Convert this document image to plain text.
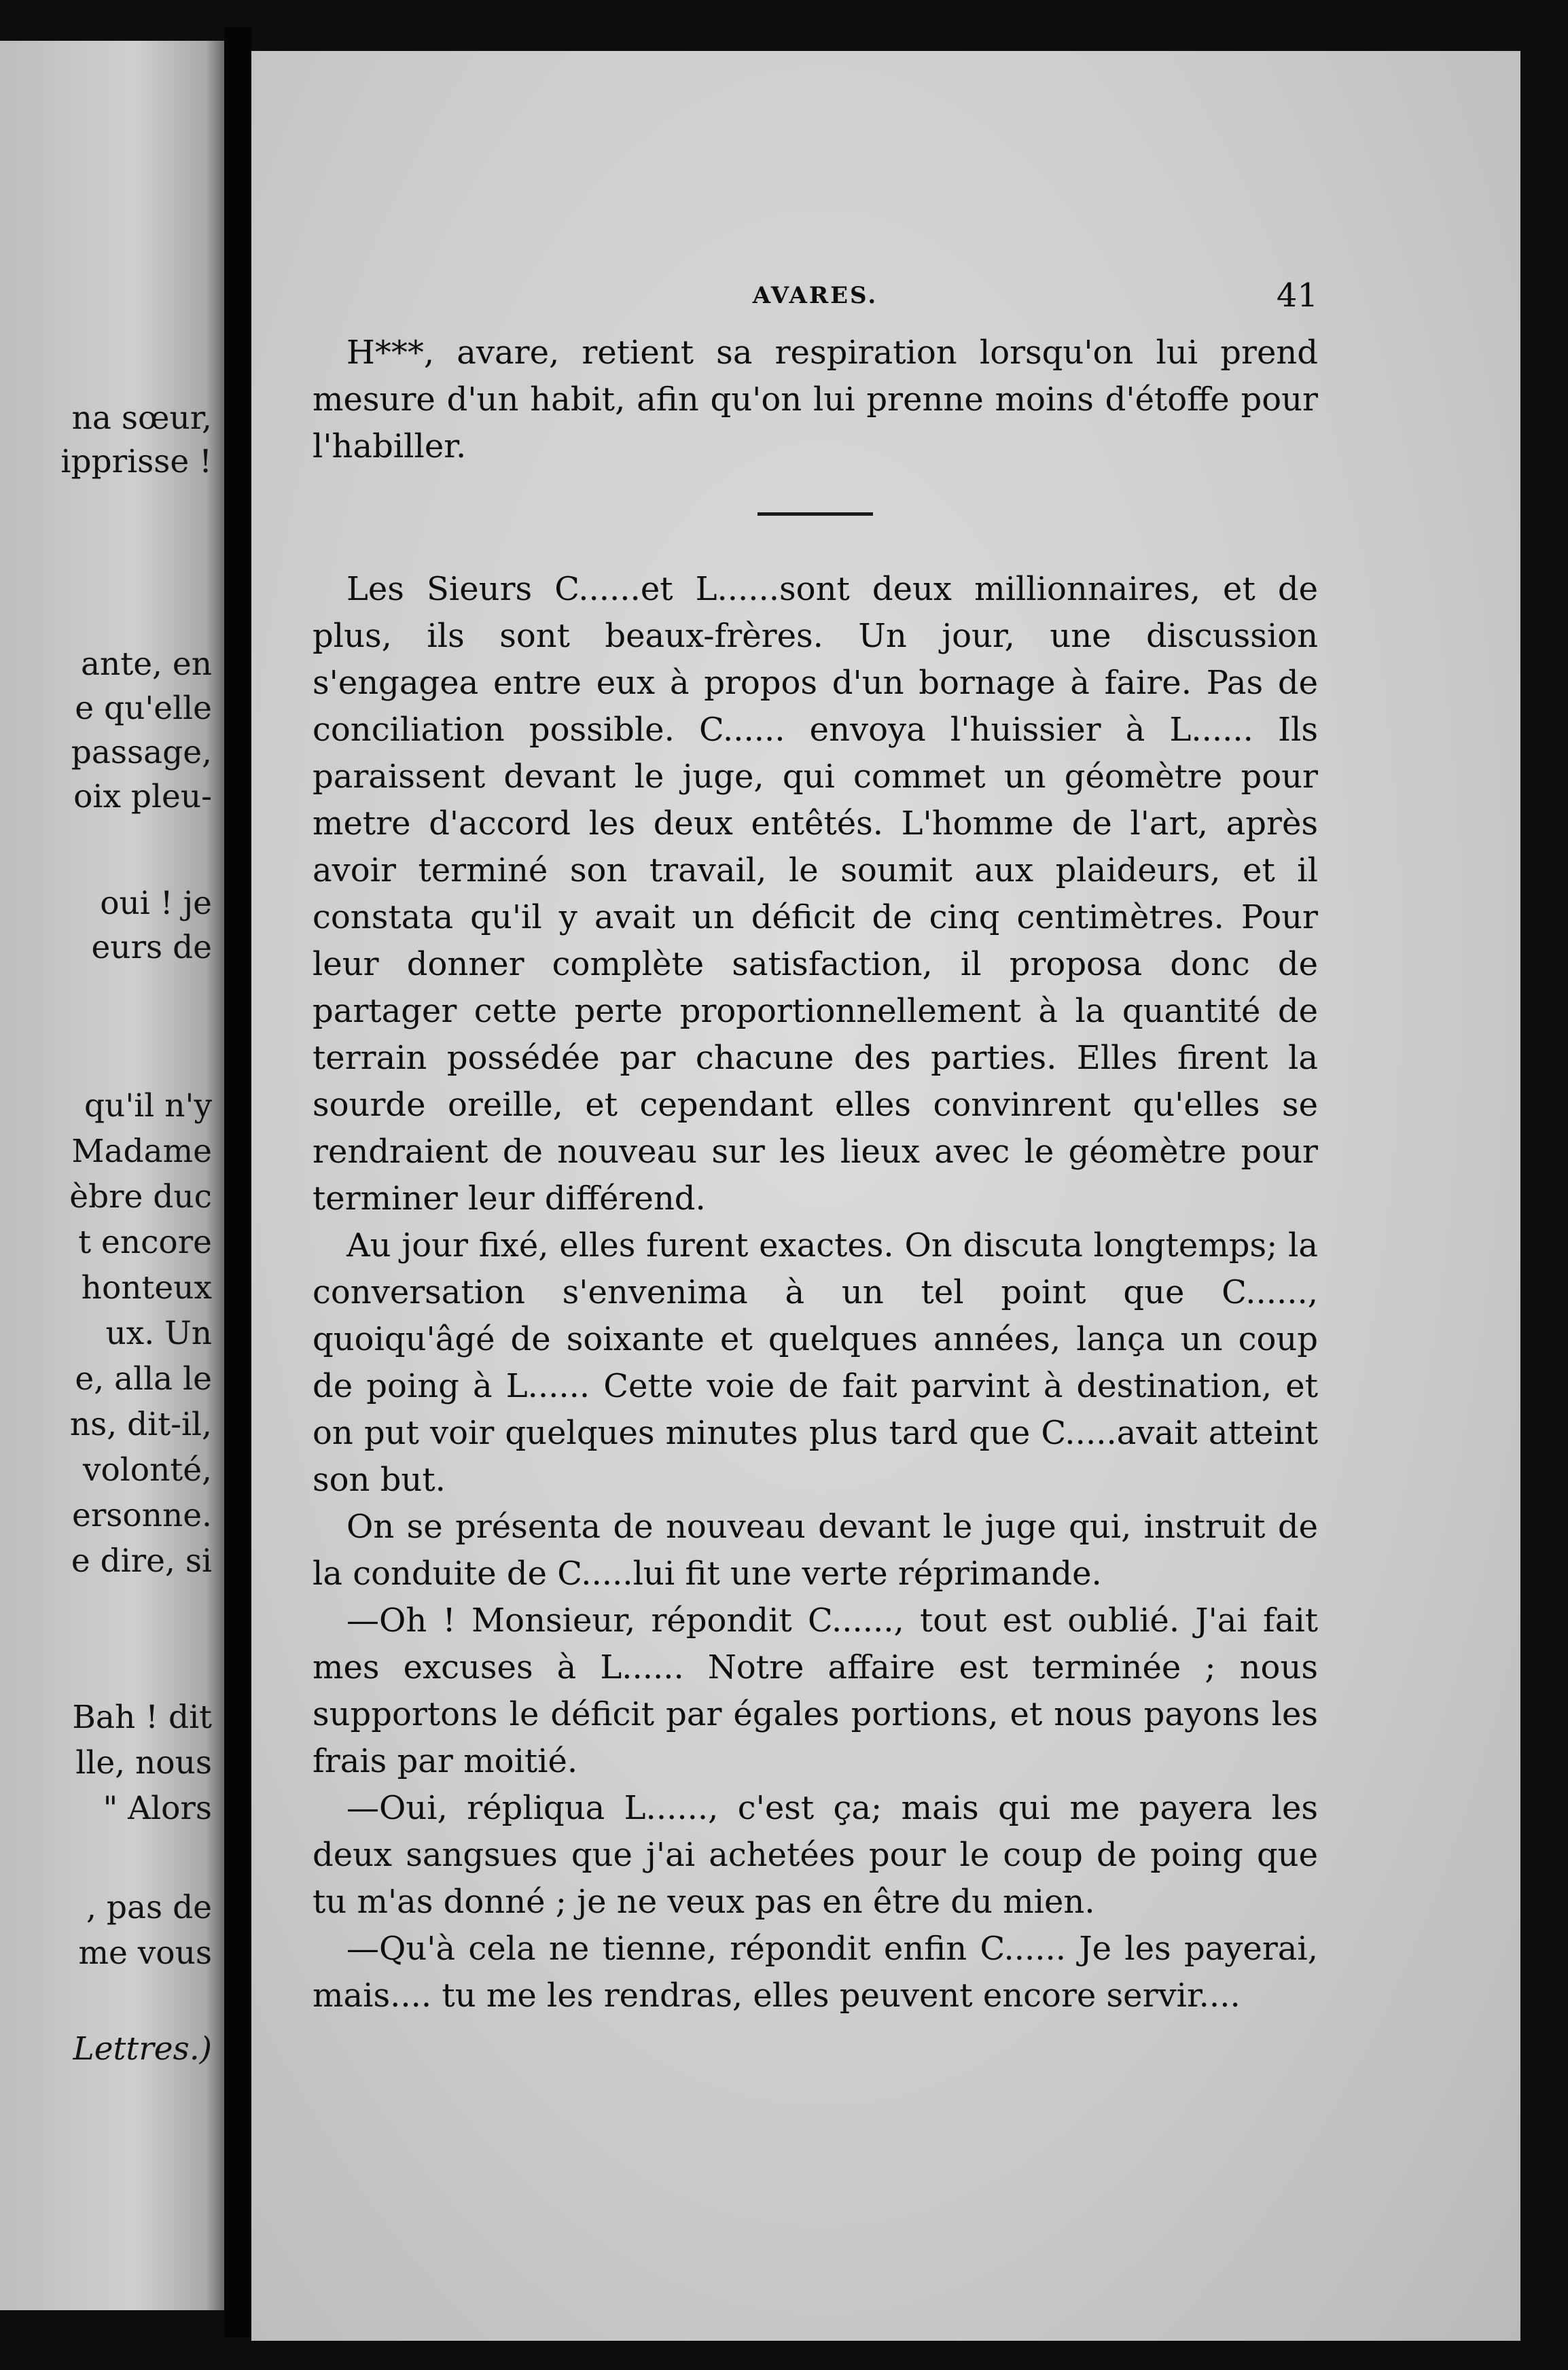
na sœur,
ipprisse !
ante, en
e qu'elle
passage,
oix pleu-
oui ! je
eurs de
qu'il n'y
Madame
èbre duc
t encore
honteux
ux. Un
e, alla le
ns, dit-il,
volonté,
ersonne.
e dire, si
Bah ! dit
lle, nous
" Alors
, pas de
me vous
Lettres.)
AVARES.	41

H***, avare, retient sa respiration lorsqu'on lui prend mesure d'un habit, afin qu'on lui prenne moins d'étoffe pour l'habiller.

Les Sieurs C......et L......sont deux millionnaires, et de plus, ils sont beaux-frères. Un jour, une discussion s'engagea entre eux à propos d'un bornage à faire. Pas de conciliation possible. C...... envoya l'huissier à L...... Ils paraissent devant le juge, qui commet un géomètre pour metre d'accord les deux entêtés. L'homme de l'art, après avoir terminé son travail, le soumit aux plaideurs, et il constata qu'il y avait un déficit de cinq centimètres. Pour leur donner complète satisfaction, il proposa donc de partager cette perte proportionnellement à la quantité de terrain possédée par chacune des parties. Elles firent la sourde oreille, et cependant elles convinrent qu'elles se rendraient de nouveau sur les lieux avec le géomètre pour terminer leur différend.

Au jour fixé, elles furent exactes. On discuta longtemps; la conversation s'envenima à un tel point que C......, quoiqu'âgé de soixante et quelques années, lança un coup de poing à L...... Cette voie de fait parvint à destination, et on put voir quelques minutes plus tard que C.....avait atteint son but.

On se présenta de nouveau devant le juge qui, instruit de la conduite de C.....lui fit une verte réprimande.

—Oh ! Monsieur, répondit C......, tout est oublié. J'ai fait mes excuses à L...... Notre affaire est terminée ; nous supportons le déficit par égales portions, et nous payons les frais par moitié.

—Oui, répliqua L......, c'est ça; mais qui me payera les deux sangsues que j'ai achetées pour le coup de poing que tu m'as donné ; je ne veux pas en être du mien.

—Qu'à cela ne tienne, répondit enfin C...... Je les payerai, mais.... tu me les rendras, elles peuvent encore servir....
